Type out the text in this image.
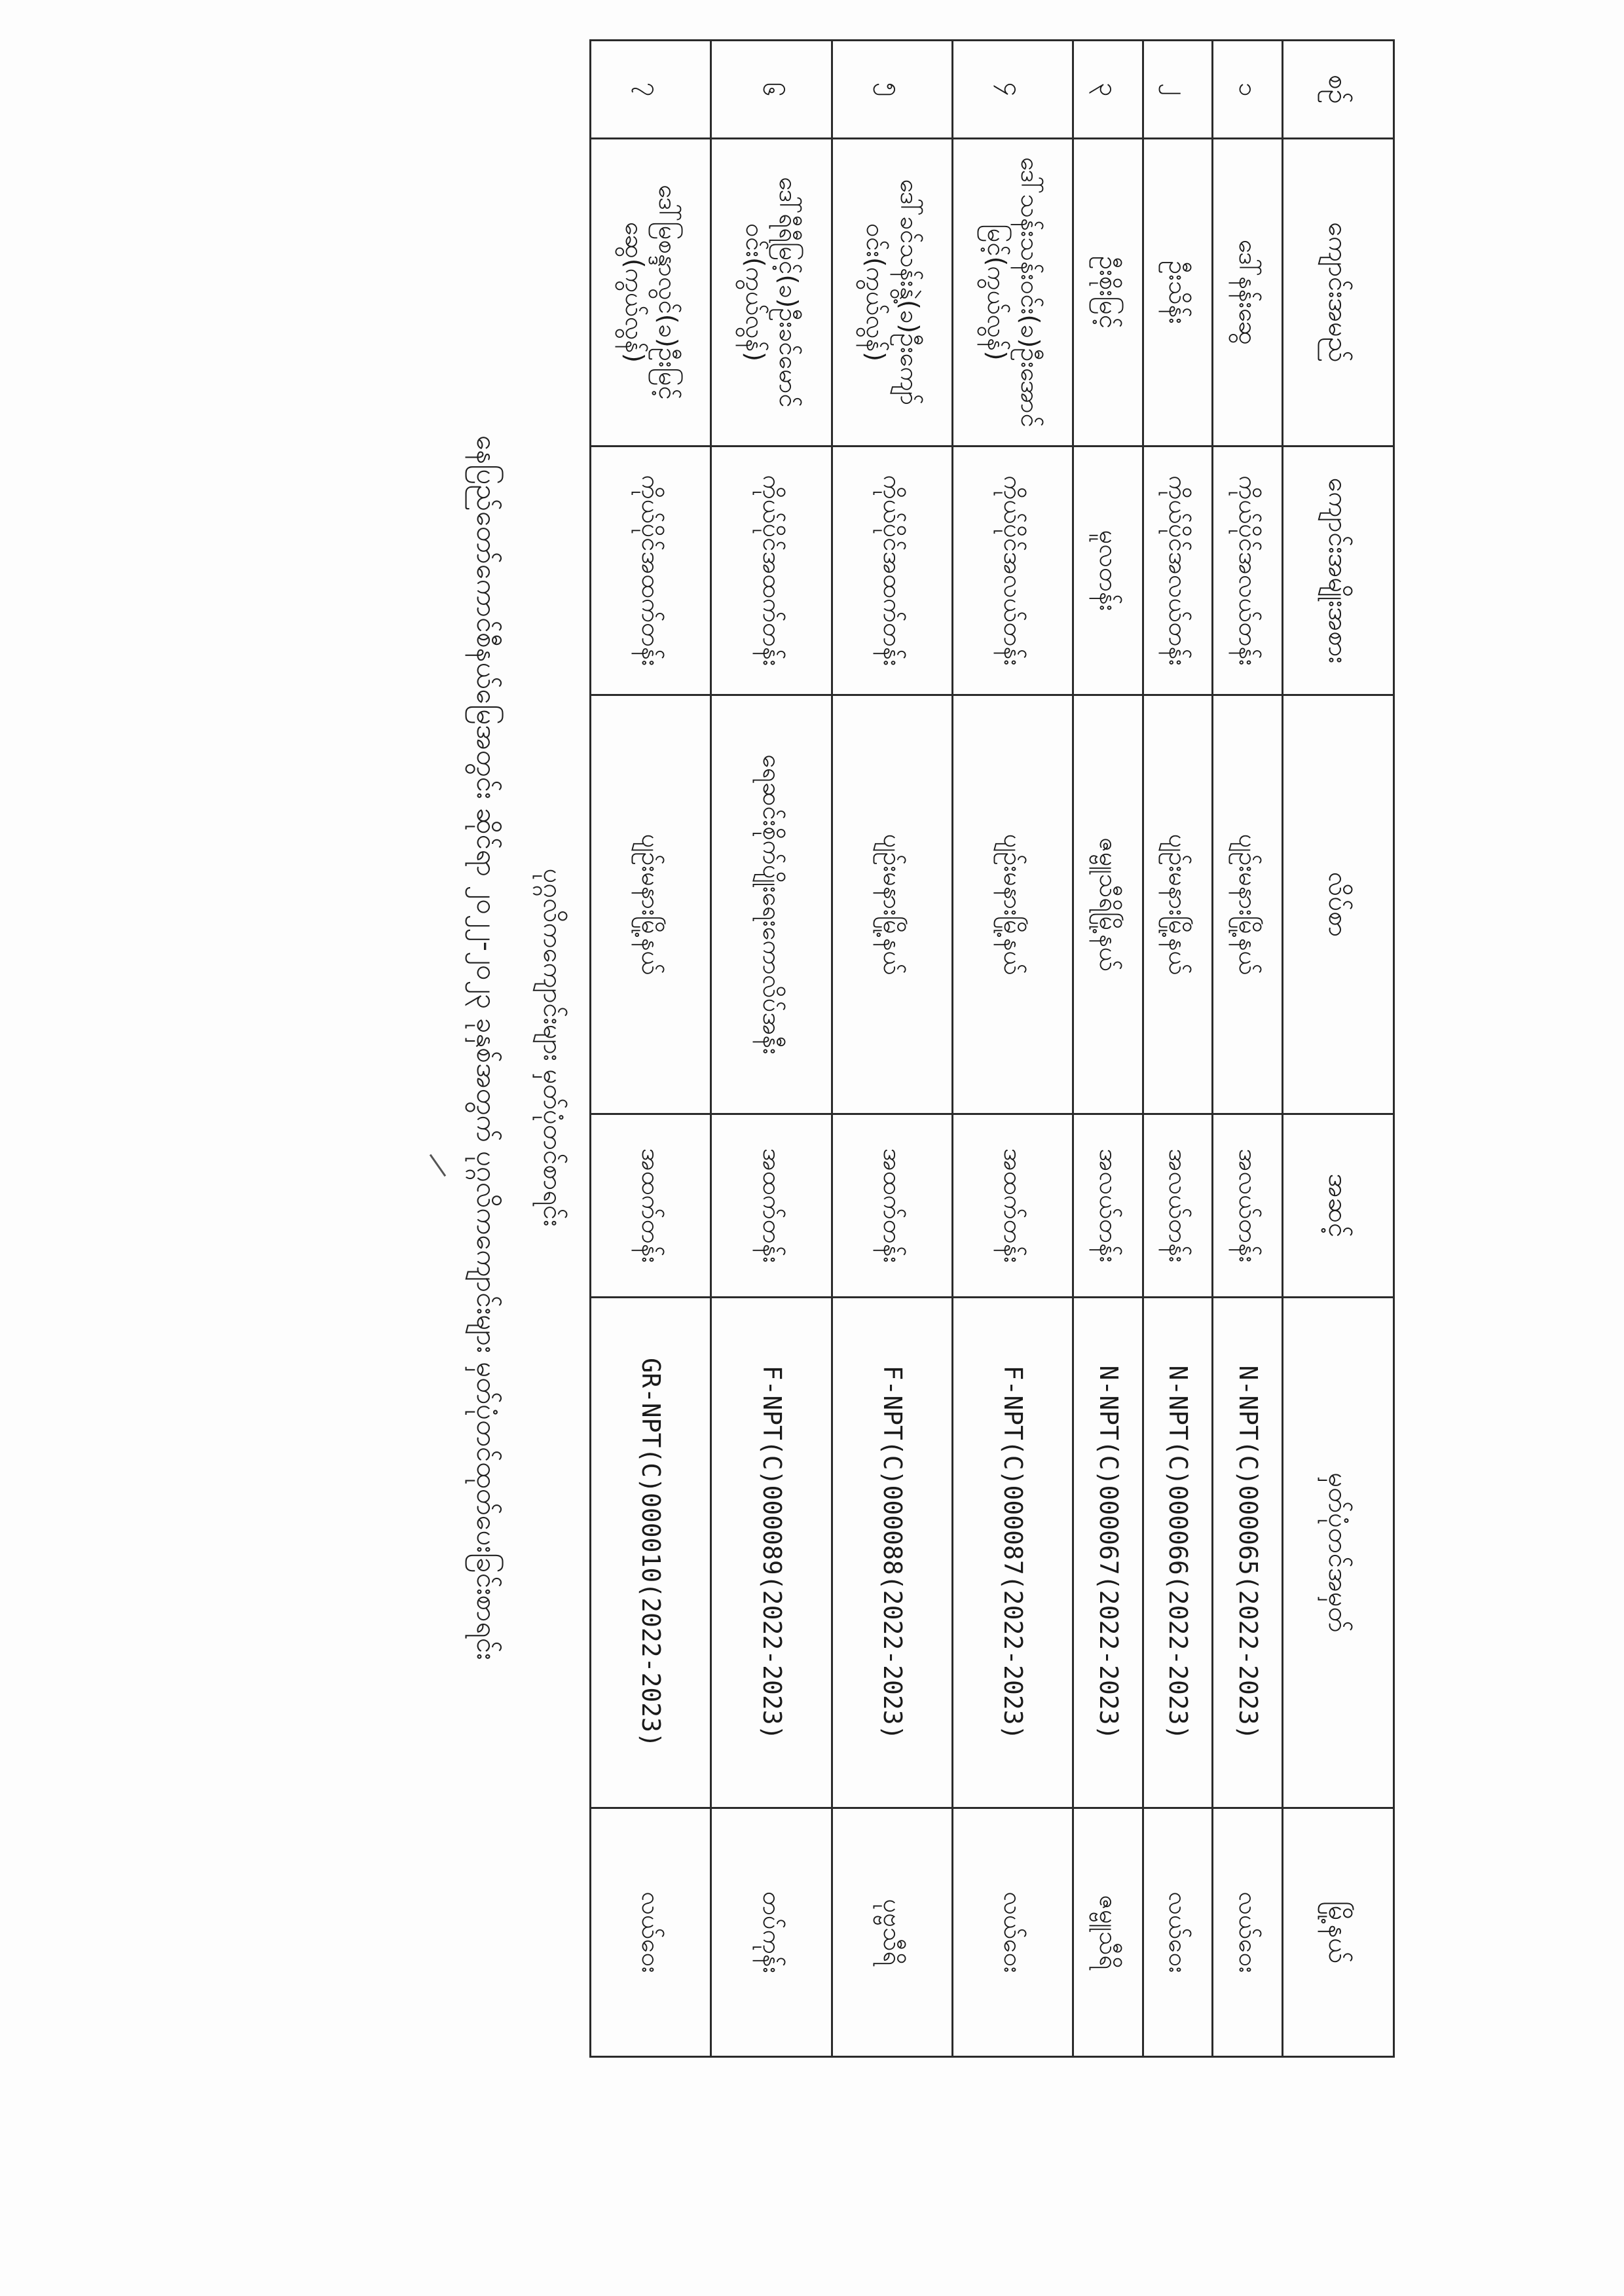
စဉ်	ကျောင်းအမည်	ကျောင်းအမျိုးအစား	လိပ်စာ	အဆင့်	မှတ်ပုံတင်အမှတ်	မြို့နယ်
၁	ဒေါ်နန်းဆွေ	ကိုယ်ပိုင်အလယ်တန်း	ပျဉ်းမနားမြို့နယ်	အလယ်တန်း	N-NPT(C)000065(2022-2023)	လယ်ဝေး
၂	ဦးသိန်း	ကိုယ်ပိုင်အလယ်တန်း	ပျဉ်းမနားမြို့နယ်	အလယ်တန်း	N-NPT(C)000066(2022-2023)	လယ်ဝေး
၃	ဦးစိုးမြင့်	မူလတန်း	ဇမ္ဗူသီရိမြို့နယ်	အလယ်တန်း	N-NPT(C)000067(2022-2023)	ဇမ္ဗူသီရိ
၄	ဒေါ်သန်းသန်းဝင်း(ခ)ဦးအောင်မြင့်(ကွယ်လွန်)	ကိုယ်ပိုင်အလယ်တန်း	ပျဉ်းမနားမြို့နယ်	အထက်တန်း	F-NPT(C)000087(2022-2023)	လယ်ဝေး
၅	ဒေါ်ခင်သန်းနွဲ့(ခ)ဦးကျော်ဝင်း(ကွယ်လွန်)	ကိုယ်ပိုင်အထက်တန်း	ပျဉ်းမနားမြို့နယ်	အထက်တန်း	F-NPT(C)000088(2022-2023)	ပုဗ္ဗသီရိ
၆	ဒေါ်ရီရီမြင့်(ခ)ဦးခင်မောင်ဝင်း(ကွယ်လွန်)	ကိုယ်ပိုင်အထက်တန်း	ရေဆင်းစိုက်ပျိုးရေးကောလိပ်အနီး	အထက်တန်း	F-NPT(C)000089(2022-2023)	တပ်ကုန်း
၇	ဒေါ်မြစန္ဒာလွင်(ခ)ဦးမြင့်ဆွေ(ကွယ်လွန်)	ကိုယ်ပိုင်အထက်တန်း	ပျဉ်းမနားမြို့နယ်	အထက်တန်း	GR-NPT(C)000010(2022-2023)	လယ်ဝေး
ပုဂ္ဂလိကကျောင်းများ မှတ်ပုံတင်စာရင်း
နေပြည်တော်ကောင်စီနယ်မြေအတွင်း ဆိုင်ရာ ၂၀၂၂-၂၀၂၃ ခုနှစ်အတွက် ပုဂ္ဂလိကကျောင်းများ မှတ်ပုံတင်ထုတ်ပေးခြင်းစာရင်း
